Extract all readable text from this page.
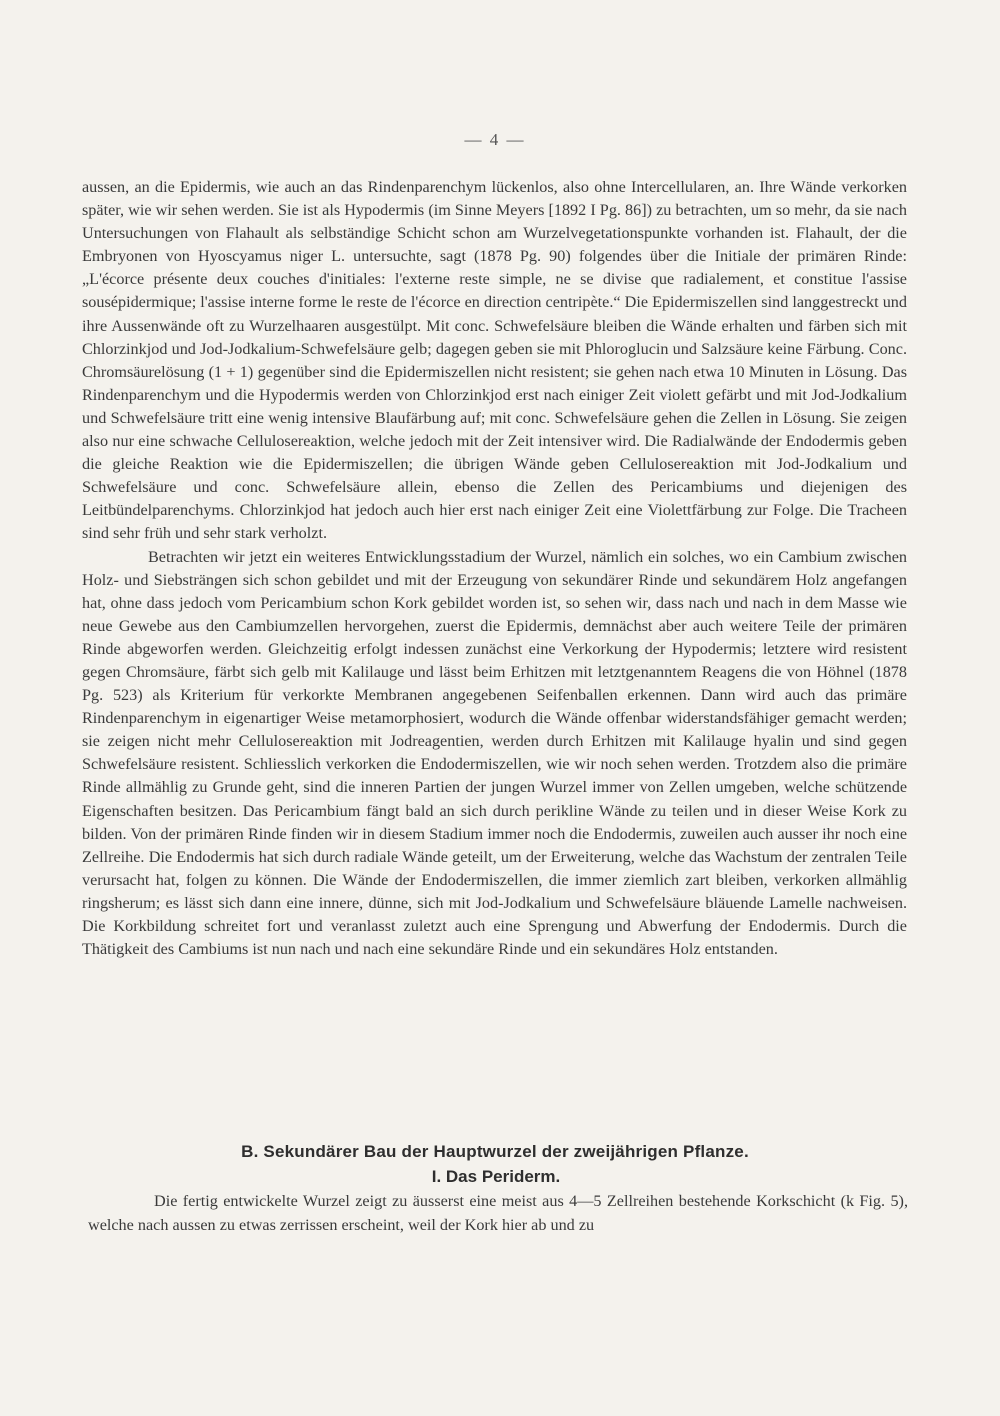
— 4 —

aussen, an die Epidermis, wie auch an das Rindenparenchym lückenlos, also ohne Intercellularen, an. Ihre Wände verkorken später, wie wir sehen werden. Sie ist als Hypodermis (im Sinne Meyers [1892 I Pg. 86]) zu betrachten, um so mehr, da sie nach Untersuchungen von Flahault als selbständige Schicht schon am Wurzelvegetationspunkte vorhanden ist. Flahault, der die Embryonen von Hyoscyamus niger L. untersuchte, sagt (1878 Pg. 90) folgendes über die Initiale der primären Rinde: „L'écorce présente deux couches d'initiales: l'externe reste simple, ne se divise que radialement, et constitue l'assise sousépidermique; l'assise interne forme le reste de l'écorce en direction centripète.“ Die Epidermiszellen sind langgestreckt und ihre Aussenwände oft zu Wurzelhaaren ausgestülpt. Mit conc. Schwefelsäure bleiben die Wände erhalten und färben sich mit Chlorzinkjod und Jod-Jodkalium-Schwefelsäure gelb; dagegen geben sie mit Phloroglucin und Salzsäure keine Färbung. Conc. Chromsäurelösung (1 + 1) gegenüber sind die Epidermiszellen nicht resistent; sie gehen nach etwa 10 Minuten in Lösung. Das Rindenparenchym und die Hypodermis werden von Chlorzinkjod erst nach einiger Zeit violett gefärbt und mit Jod-Jodkalium und Schwefelsäure tritt eine wenig intensive Blaufärbung auf; mit conc. Schwefelsäure gehen die Zellen in Lösung. Sie zeigen also nur eine schwache Cellulosereaktion, welche jedoch mit der Zeit intensiver wird. Die Radialwände der Endodermis geben die gleiche Reaktion wie die Epidermiszellen; die übrigen Wände geben Cellulosereaktion mit Jod-Jodkalium und Schwefelsäure und conc. Schwefelsäure allein, ebenso die Zellen des Pericambiums und diejenigen des Leitbündelparenchyms. Chlorzinkjod hat jedoch auch hier erst nach einiger Zeit eine Violettfärbung zur Folge. Die Tracheen sind sehr früh und sehr stark verholzt.

Betrachten wir jetzt ein weiteres Entwicklungsstadium der Wurzel, nämlich ein solches, wo ein Cambium zwischen Holz- und Siebsträngen sich schon gebildet und mit der Erzeugung von sekundärer Rinde und sekundärem Holz angefangen hat, ohne dass jedoch vom Pericambium schon Kork gebildet worden ist, so sehen wir, dass nach und nach in dem Masse wie neue Gewebe aus den Cambiumzellen hervorgehen, zuerst die Epidermis, demnächst aber auch weitere Teile der primären Rinde abgeworfen werden. Gleichzeitig erfolgt indessen zunächst eine Verkorkung der Hypodermis; letztere wird resistent gegen Chromsäure, färbt sich gelb mit Kalilauge und lässt beim Erhitzen mit letztgenanntem Reagens die von Höhnel (1878 Pg. 523) als Kriterium für verkorkte Membranen angegebenen Seifenballen erkennen. Dann wird auch das primäre Rindenparenchym in eigenartiger Weise metamorphosiert, wodurch die Wände offenbar widerstandsfähiger gemacht werden; sie zeigen nicht mehr Cellulosereaktion mit Jodreagentien, werden durch Erhitzen mit Kalilauge hyalin und sind gegen Schwefelsäure resistent. Schliesslich verkorken die Endodermiszellen, wie wir noch sehen werden. Trotzdem also die primäre Rinde allmählig zu Grunde geht, sind die inneren Partien der jungen Wurzel immer von Zellen umgeben, welche schützende Eigenschaften besitzen. Das Pericambium fängt bald an sich durch perikline Wände zu teilen und in dieser Weise Kork zu bilden. Von der primären Rinde finden wir in diesem Stadium immer noch die Endodermis, zuweilen auch ausser ihr noch eine Zellreihe. Die Endodermis hat sich durch radiale Wände geteilt, um der Erweiterung, welche das Wachstum der zentralen Teile verursacht hat, folgen zu können. Die Wände der Endodermiszellen, die immer ziemlich zart bleiben, verkorken allmählig ringsherum; es lässt sich dann eine innere, dünne, sich mit Jod-Jodkalium und Schwefelsäure bläuende Lamelle nachweisen. Die Korkbildung schreitet fort und veranlasst zuletzt auch eine Sprengung und Abwerfung der Endodermis. Durch die Thätigkeit des Cambiums ist nun nach und nach eine sekundäre Rinde und ein sekundäres Holz entstanden.

B. Sekundärer Bau der Hauptwurzel der zweijährigen Pflanze.
I. Das Periderm.

Die fertig entwickelte Wurzel zeigt zu äusserst eine meist aus 4—5 Zellreihen bestehende Korkschicht (k Fig. 5), welche nach aussen zu etwas zerrissen erscheint, weil der Kork hier ab und zu
